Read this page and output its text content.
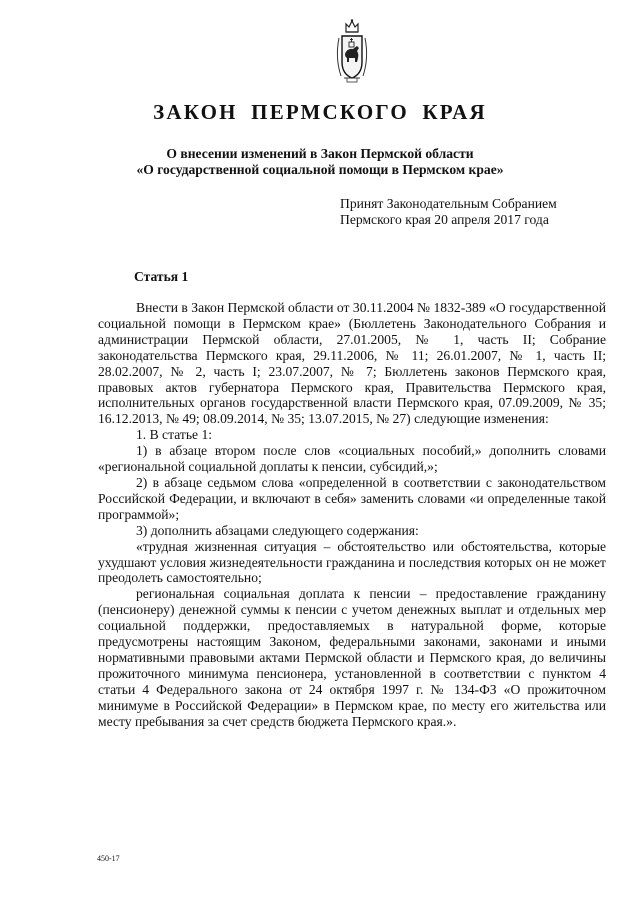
ЗАКОН ПЕРМСКОГО КРАЯ
О внесении изменений в Закон Пермской области
«О государственной социальной помощи в Пермском крае»
Принят Законодательным Собранием
Пермского края 20 апреля 2017 года
Статья 1

Внести в Закон Пермской области от 30.11.2004 № 1832-389 «О государственной социальной помощи в Пермском крае» (Бюллетень Законодательного Собрания и администрации Пермской области, 27.01.2005, № 1, часть II; Собрание законодательства Пермского края, 29.11.2006, № 11; 26.01.2007, № 1, часть II; 28.02.2007, № 2, часть I; 23.07.2007, № 7; Бюллетень законов Пермского края, правовых актов губернатора Пермского края, Правительства Пермского края, исполнительных органов государственной власти Пермского края, 07.09.2009, № 35; 16.12.2013, № 49; 08.09.2014, № 35; 13.07.2015, № 27) следующие изменения:

1. В статье 1:

1) в абзаце втором после слов «социальных пособий,» дополнить словами «региональной социальной доплаты к пенсии, субсидий,»;

2) в абзаце седьмом слова «определенной в соответствии с законодательством Российской Федерации, и включают в себя» заменить словами «и определенные такой программой»;

3) дополнить абзацами следующего содержания:

«трудная жизненная ситуация – обстоятельство или обстоятельства, которые ухудшают условия жизнедеятельности гражданина и последствия которых он не может преодолеть самостоятельно;

региональная социальная доплата к пенсии – предоставление гражданину (пенсионеру) денежной суммы к пенсии с учетом денежных выплат и отдельных мер социальной поддержки, предоставляемых в натуральной форме, которые предусмотрены настоящим Законом, федеральными законами, законами и иными нормативными правовыми актами Пермской области и Пермского края, до величины прожиточного минимума пенсионера, установленной в соответствии с пунктом 4 статьи 4 Федерального закона от 24 октября 1997 г. № 134-ФЗ «О прожиточном минимуме в Российской Федерации» в Пермском крае, по месту его жительства или месту пребывания за счет средств бюджета Пермского края.».

450-17
